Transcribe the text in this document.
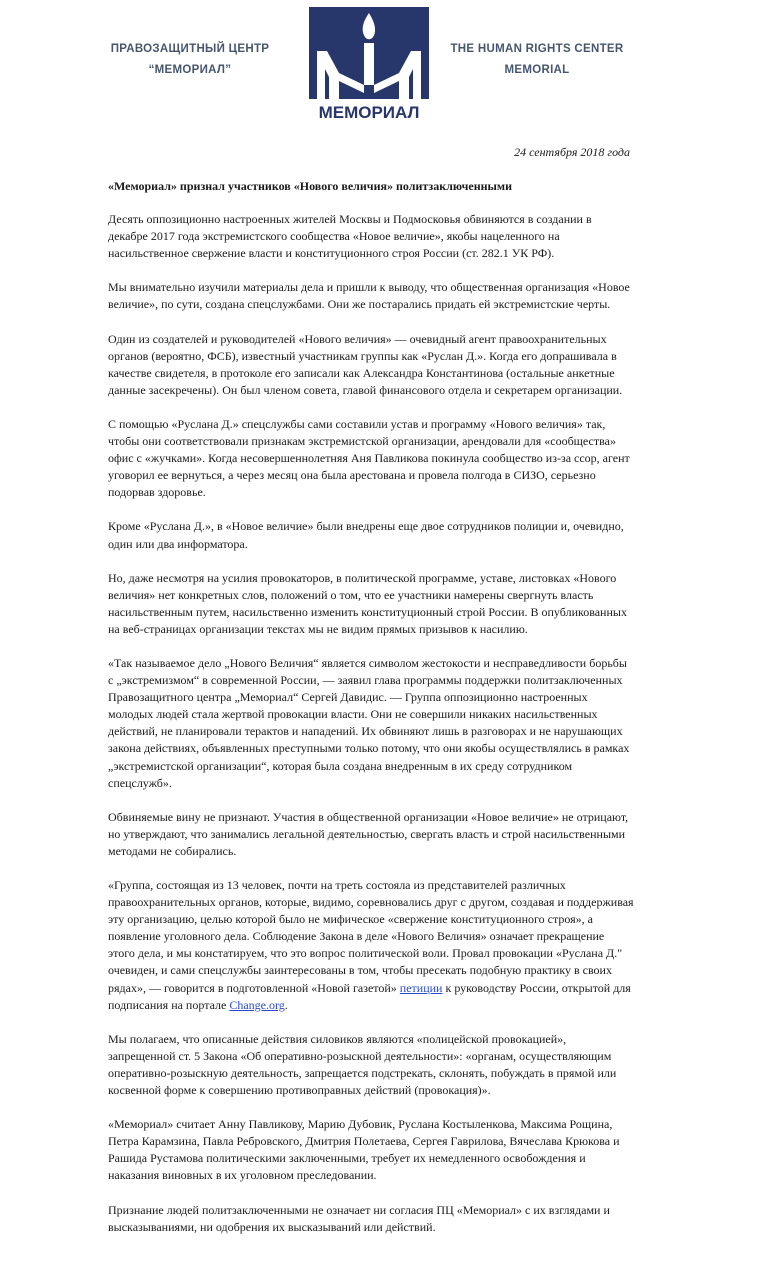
ПРАВОЗАЩИТНЫЙ ЦЕНТР
“МЕМОРИАЛ”
МЕМОРИАЛ
THE HUMAN RIGHTS CENTER
MEMORIAL
24 сентября 2018 года
«Мемориал» признал участников «Нового величия» политзаключенными

Десять оппозиционно настроенных жителей Москвы и Подмосковья обвиняются в создании в декабре 2017 года экстремистского сообщества «Новое величие», якобы нацеленного на насильственное свержение власти и конституционного строя России (ст. 282.1 УК РФ).

Мы внимательно изучили материалы дела и пришли к выводу, что общественная организация «Новое величие», по сути, создана спецслужбами. Они же постарались придать ей экстремистские черты.

Один из создателей и руководителей «Нового величия» — очевидный агент правоохранительных органов (вероятно, ФСБ), известный участникам группы как «Руслан Д.». Когда его допрашивала в качестве свидетеля, в протоколе его записали как Александра Константинова (остальные анкетные данные засекречены). Он был членом совета, главой финансового отдела и секретарем организации.

С помощью «Руслана Д.» спецслужбы сами составили устав и программу «Нового величия» так, чтобы они соответствовали признакам экстремистской организации, арендовали для «сообщества» офис с «жучками». Когда несовершеннолетняя Аня Павликова покинула сообщество из-за ссор, агент уговорил ее вернуться, а через месяц она была арестована и провела полгода в СИЗО, серьезно подорвав здоровье.

Кроме «Руслана Д.», в «Новое величие» были внедрены еще двое сотрудников полиции и, очевидно, один или два информатора.

Но, даже несмотря на усилия провокаторов, в политической программе, уставе, листовках «Нового величия» нет конкретных слов, положений о том, что ее участники намерены свергнуть власть насильственным путем, насильственно изменить конституционный строй России. В опубликованных на веб-страницах организации текстах мы не видим прямых призывов к насилию.

«Так называемое дело „Нового Величия“ является символом жестокости и несправедливости борьбы с „экстремизмом“ в современной России, — заявил глава программы поддержки политзаключенных Правозащитного центра „Мемориал“ Сергей Давидис. — Группа оппозиционно настроенных молодых людей стала жертвой провокации власти. Они не совершили никаких насильственных действий, не планировали терактов и нападений. Их обвиняют лишь в разговорах и не нарушающих закона действиях, объявленных преступными только потому, что они якобы осуществлялись в рамках „экстремистской организации“, которая была создана внедренным в их среду сотрудником спецслужб».

Обвиняемые вину не признают. Участия в общественной организации «Новое величие» не отрицают, но утверждают, что занимались легальной деятельностью, свергать власть и строй насильственными методами не собирались.

«Группа, состоящая из 13 человек, почти на треть состояла из представителей различных правоохранительных органов, которые, видимо, соревновались друг с другом, создавая и поддерживая эту организацию, целью которой было не мифическое «свержение конституционного строя», а появление уголовного дела. Соблюдение Закона в деле «Нового Величия» означает прекращение этого дела, и мы констатируем, что это вопрос политической воли. Провал провокации «Руслана Д." очевиден, и сами спецслужбы заинтересованы в том, чтобы пресекать подобную практику в своих рядах», — говорится в подготовленной «Новой газетой» петиции к руководству России, открытой для подписания на портале Change.org.

Мы полагаем, что описанные действия силовиков являются «полицейской провокацией», запрещенной ст. 5 Закона «Об оперативно-розыскной деятельности»: «органам, осуществляющим оперативно-розыскную деятельность, запрещается подстрекать, склонять, побуждать в прямой или косвенной форме к совершению противоправных действий (провокация)».

«Мемориал» считает Анну Павликову, Марию Дубовик, Руслана Костыленкова, Максима Рощина, Петра Карамзина, Павла Ребровского, Дмитрия Полетаева, Сергея Гаврилова, Вячеслава Крюкова и Рашида Рустамова политическими заключенными, требует их немедленного освобождения и наказания виновных в их уголовном преследовании.

Признание людей политзаключенными не означает ни согласия ПЦ «Мемориал» с их взглядами и высказываниями, ни одобрения их высказываний или действий.
